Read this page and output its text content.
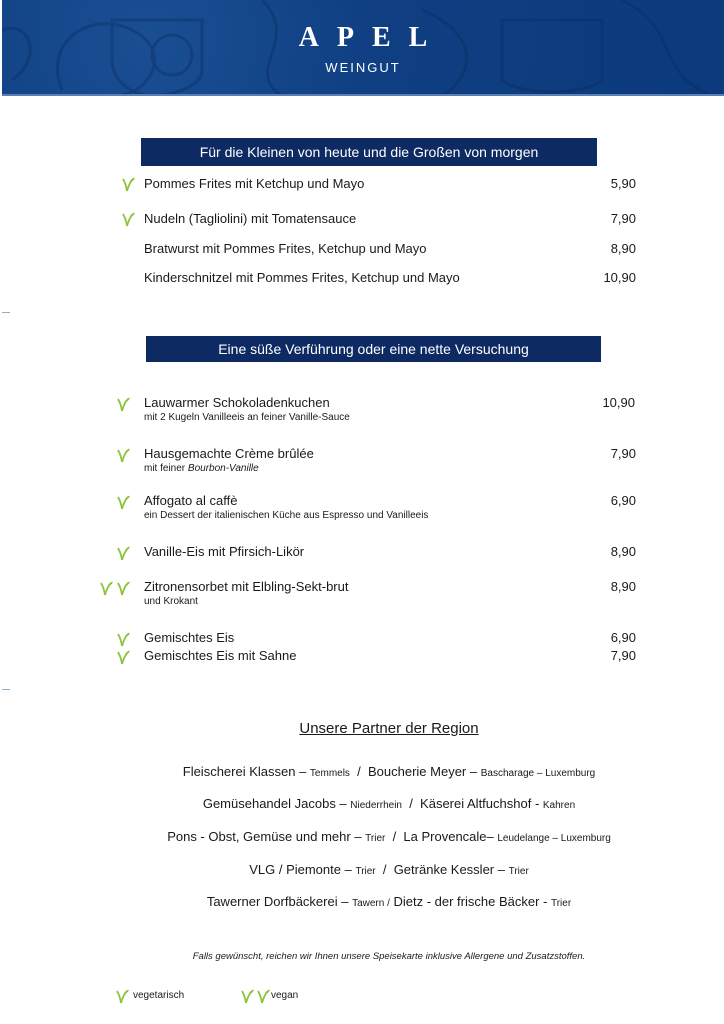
APEL
WEINGUT
Für die Kleinen von heute und die Großen von morgen
Pommes Frites mit Ketchup und Mayo	5,90
Nudeln (Tagliolini) mit Tomatensauce	7,90
Bratwurst mit Pommes Frites, Ketchup und Mayo	8,90
Kinderschnitzel mit Pommes Frites, Ketchup und Mayo	10,90
Eine süße Verführung oder eine nette Versuchung
Lauwarmer Schokoladenkuchen	10,90
mit 2 Kugeln Vanilleeis an feiner Vanille-Sauce
Hausgemachte Crème brûlée	7,90
mit feiner Bourbon-Vanille
Affogato al caffè	6,90
ein Dessert der italienischen Küche aus Espresso und Vanilleeis
Vanille-Eis mit Pfirsich-Likör	8,90
Zitronensorbet mit Elbling-Sekt-brut	8,90
und Krokant
Gemischtes Eis	6,90
Gemischtes Eis mit Sahne	7,90
Unsere Partner der Region
Fleischerei Klassen – Temmels  /  Boucherie Meyer – Bascharage – Luxemburg
Gemüsehandel Jacobs – Niederrhein  /  Käserei Altfuchshof - Kahren
Pons - Obst, Gemüse und mehr – Trier  /  La Provencale– Leudelange – Luxemburg
VLG / Piemonte – Trier  /  Getränke Kessler – Trier
Tawerner Dorfbäckerei – Tawern / Dietz - der frische Bäcker - Trier
Falls gewünscht, reichen wir Ihnen unsere Speisekarte inklusive Allergene und Zusatzstoffen.
vegetarisch	vegan
